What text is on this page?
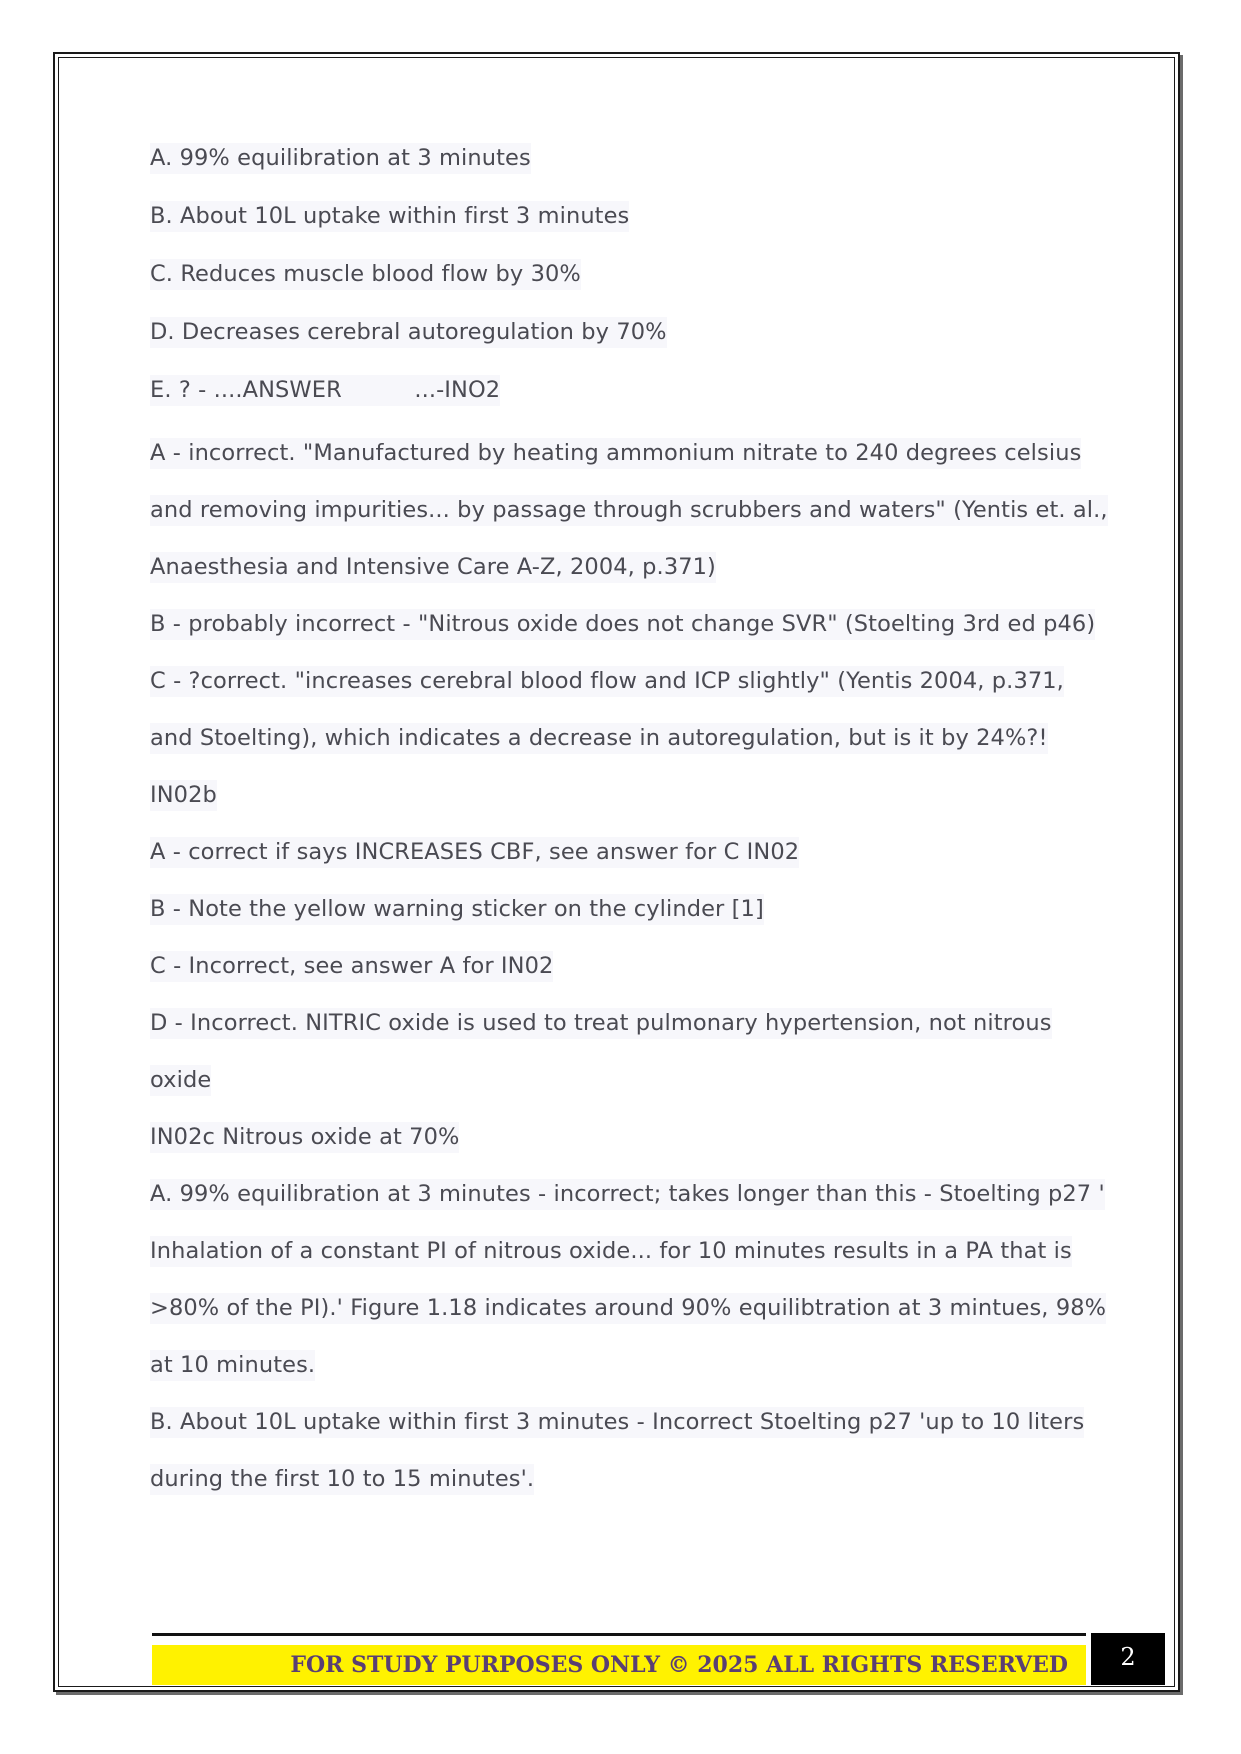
A. 99% equilibration at 3 minutes
B. About 10L uptake within first 3 minutes
C. Reduces muscle blood flow by 30%
D. Decreases cerebral autoregulation by 70%
E. ? - ....ANSWER          ...-INO2
A - incorrect. "Manufactured by heating ammonium nitrate to 240 degrees celsius
and removing impurities... by passage through scrubbers and waters" (Yentis et. al.,
Anaesthesia and Intensive Care A-Z, 2004, p.371)
B - probably incorrect - "Nitrous oxide does not change SVR" (Stoelting 3rd ed p46)
C - ?correct. "increases cerebral blood flow and ICP slightly" (Yentis 2004, p.371,
and Stoelting), which indicates a decrease in autoregulation, but is it by 24%?!
IN02b
A - correct if says INCREASES CBF, see answer for C IN02
B - Note the yellow warning sticker on the cylinder [1]
C - Incorrect, see answer A for IN02
D - Incorrect. NITRIC oxide is used to treat pulmonary hypertension, not nitrous
oxide
IN02c Nitrous oxide at 70%
A. 99% equilibration at 3 minutes - incorrect; takes longer than this - Stoelting p27 '
Inhalation of a constant PI of nitrous oxide... for 10 minutes results in a PA that is
>80% of the PI).' Figure 1.18 indicates around 90% equilibtration at 3 mintues, 98%
at 10 minutes.
B. About 10L uptake within first 3 minutes - Incorrect Stoelting p27 'up to 10 liters
during the first 10 to 15 minutes'.
FOR STUDY PURPOSES ONLY © 2025 ALL RIGHTS RESERVED	2
